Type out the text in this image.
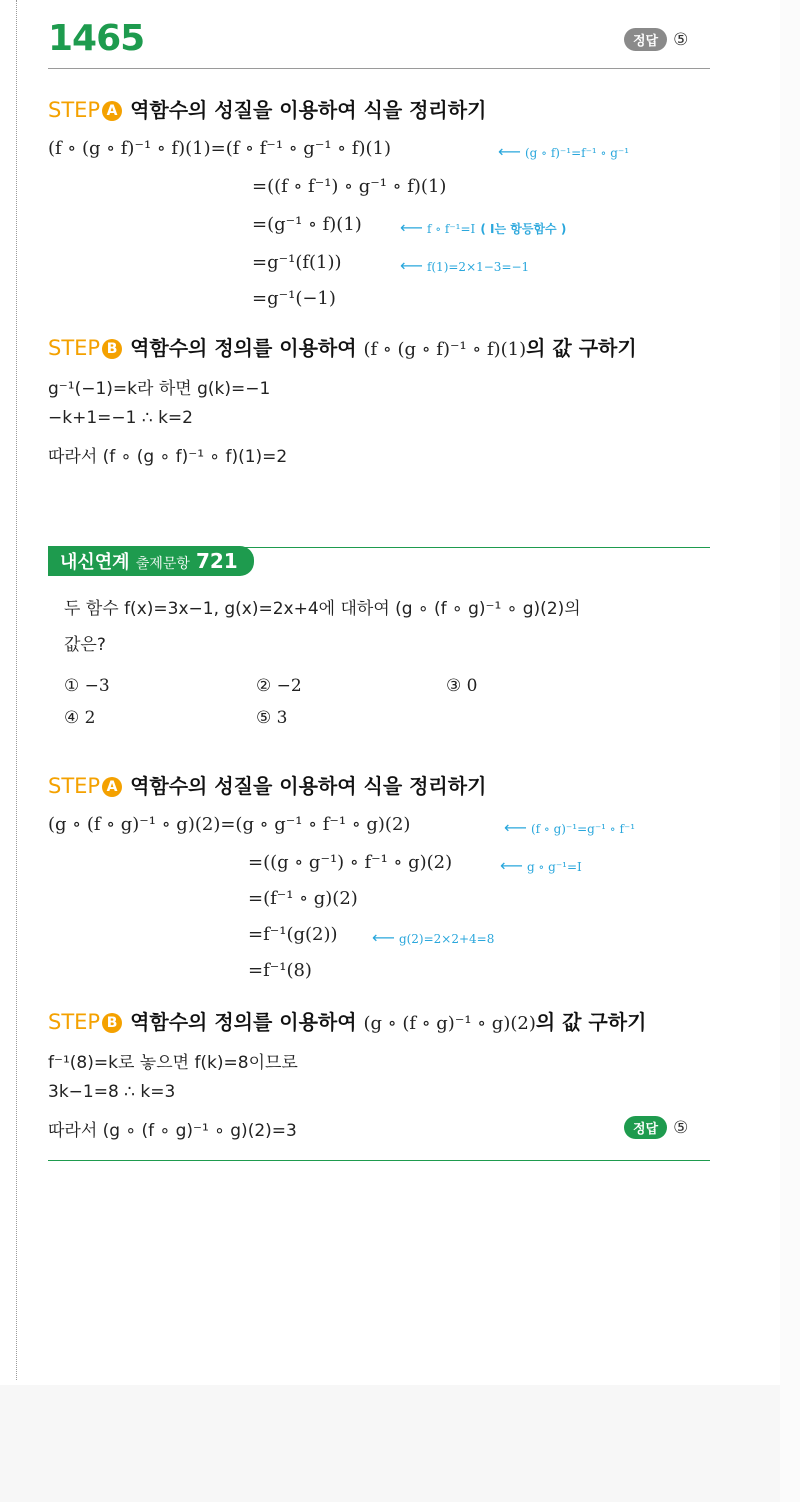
1465	정답 ⑤
STEP A 역함수의 성질을 이용하여 식을 정리하기
(f ∘ (g ∘ f)⁻¹ ∘ f)(1)=(f ∘ f⁻¹ ∘ g⁻¹ ∘ f)(1)
=((f ∘ f⁻¹) ∘ g⁻¹ ∘ f)(1)
=(g⁻¹ ∘ f)(1)
=g⁻¹(f(1))
=g⁻¹(−1)
⟵ (g ∘ f)⁻¹=f⁻¹ ∘ g⁻¹
⟵ f ∘ f⁻¹=I ( I는 항등함수 )
⟵ f(1)=2×1−3=−1
STEP B 역함수의 정의를 이용하여 (f ∘ (g ∘ f)⁻¹ ∘ f)(1)의 값 구하기
g⁻¹(−1)=k라 하면 g(k)=−1
−k+1=−1 ∴ k=2
따라서 (f ∘ (g ∘ f)⁻¹ ∘ f)(1)=2
내신연계 출제문항 721
두 함수 f(x)=3x−1, g(x)=2x+4에 대하여 (g ∘ (f ∘ g)⁻¹ ∘ g)(2)의
값은?
① −3	② −2	③ 0
④ 2	⑤ 3
STEP A 역함수의 성질을 이용하여 식을 정리하기
(g ∘ (f ∘ g)⁻¹ ∘ g)(2)=(g ∘ g⁻¹ ∘ f⁻¹ ∘ g)(2)
=((g ∘ g⁻¹) ∘ f⁻¹ ∘ g)(2)
=(f⁻¹ ∘ g)(2)
=f⁻¹(g(2))
=f⁻¹(8)
⟵ (f ∘ g)⁻¹=g⁻¹ ∘ f⁻¹
⟵ g ∘ g⁻¹=I
⟵ g(2)=2×2+4=8
STEP B 역함수의 정의를 이용하여 (g ∘ (f ∘ g)⁻¹ ∘ g)(2)의 값 구하기
f⁻¹(8)=k로 놓으면 f(k)=8이므로
3k−1=8 ∴ k=3
따라서 (g ∘ (f ∘ g)⁻¹ ∘ g)(2)=3	정답 ⑤
